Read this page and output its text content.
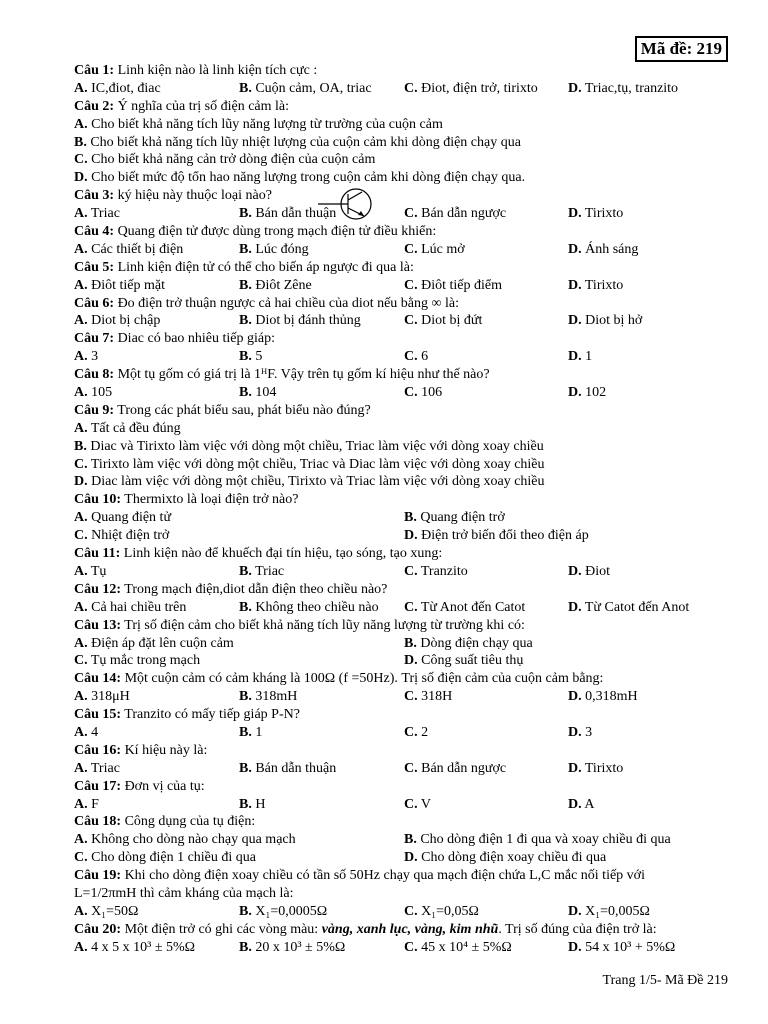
Mã đề: 219
Câu 1: Linh kiện nào là linh kiện tích cực :
A. IC,điot, điac	B. Cuộn cảm, OA, triac C. Điot, điện trở, tirixto D. Triac,tụ, tranzito
Câu 2: Ý nghĩa của trị số điện cảm là:
A. Cho biết khả năng tích lũy năng lượng từ trường của cuộn cảm
B. Cho biết khả năng tích lũy nhiệt lượng của cuộn cảm khi dòng điện chạy qua
C. Cho biết khả năng cản trở dòng điện của cuộn cảm
D. Cho biết mức độ tổn hao năng lượng trong cuộn cảm khi dòng điện chạy qua.
Câu 3: ký hiệu này thuộc loại nào?
A. Triac	B. Bán dẫn thuận	C. Bán dẫn ngược	D. Tirixto
Câu 4: Quang điện tử được dùng trong mạch điện tử điều khiển:
A. Các thiết bị điện	B. Lúc đóng	C. Lúc mở	D. Ánh sáng
Câu 5: Linh kiện điện tử có thể cho biến áp ngược đi qua là:
A. Điôt tiếp mặt	B. Điôt Zêne	C. Điôt tiếp điểm	D. Tirixto
Câu 6: Đo điện trở thuận ngược cả hai chiều của diot nếu bằng ∞ là:
A. Diot bị chập	B. Diot bị đánh thủng	C. Diot bị đứt	D. Diot bị hở
Câu 7: Diac có bao nhiêu tiếp giáp:
A. 3	B. 5	C. 6	D. 1
Câu 8: Một tụ gốm có giá trị là 1ᴴF. Vậy trên tụ gốm kí hiệu như thế nào?
A. 105	B. 104	C. 106	D. 102
Câu 9: Trong các phát biểu sau, phát biểu nào đúng?
A. Tất cả đều đúng
B. Diac và Tirixto làm việc với dòng một chiều, Triac làm việc với dòng xoay chiều
C. Tirixto làm việc với dòng một chiều, Triac và Diac làm việc với dòng xoay chiều
D. Diac làm việc với dòng một chiều, Tirixto và Triac làm việc với dòng xoay chiều
Câu 10: Thermixto là loại điện trở nào?
A. Quang điện tử	B. Quang điện trở
C. Nhiệt điện trở	D. Điện trở biến đổi theo điện áp
Câu 11: Linh kiện nào để khuếch đại tín hiệu, tạo sóng, tạo xung:
A. Tụ	B. Triac	C. Tranzito	D. Điot
Câu 12: Trong mạch điện,diot dẫn điện theo chiều nào?
A. Cả hai chiều trên	B. Không theo chiều nào C. Từ Anot đến Catot	D. Từ Catot đến Anot
Câu 13: Trị số điện cảm cho biết khả năng tích lũy năng lượng từ trường khi có:
A. Điện áp đặt lên cuộn cảm	B. Dòng điện chạy qua
C. Tụ mắc trong mạch	D. Công suất tiêu thụ
Câu 14: Một cuộn cảm có cảm kháng là 100Ω (f =50Hz). Trị số điện cảm của cuộn cảm bằng:
A. 318μH	B. 318mH	C. 318H	D. 0,318mH
Câu 15: Tranzito có mấy tiếp giáp P-N?
A. 4	B. 1	C. 2	D. 3
Câu 16: Kí hiệu này là:
A. Triac	B. Bán dẫn thuận	C. Bán dẫn ngược	D. Tirixto
Câu 17: Đơn vị của tụ:
A. F	B. H	C. V	D. A
Câu 18: Công dụng của tụ điện:
A. Không cho dòng nào chạy qua mạch	B. Cho dòng điện 1 đi qua và xoay chiều đi qua
C. Cho dòng điện 1 chiều đi qua	D. Cho dòng điện xoay chiều đi qua
Câu 19: Khi cho dòng điện xoay chiều có tần số 50Hz chạy qua mạch điện chứa L,C mắc nối tiếp với
L=1/2πmH thì cảm kháng của mạch là:
A. X₁=50Ω	B. X₁=0,0005Ω	C. X₁=0,05Ω	D. X₁=0,005Ω
Câu 20: Một điện trở có ghi các vòng màu: vàng, xanh lục, vàng, kim nhũ. Trị số đúng của điện trở là:
A. 4 x 5 x 10³ ± 5%Ω	B. 20 x 10³ ± 5%Ω	C. 45 x 10⁴ ± 5%Ω	D. 54 x 10³ + 5%Ω
Trang 1/5- Mã Đề 219
